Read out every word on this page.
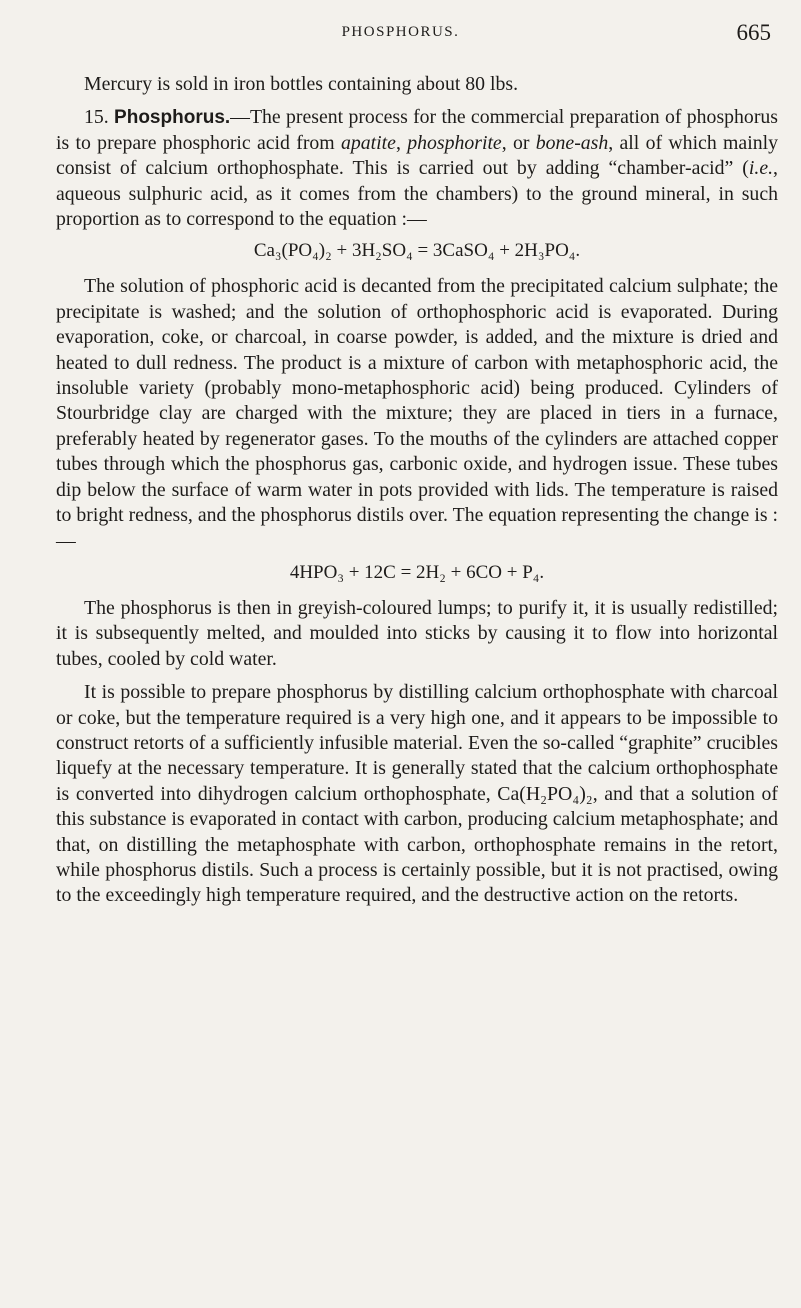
PHOSPHORUS.	665

Mercury is sold in iron bottles containing about 80 lbs.

15. Phosphorus.—The present process for the commercial preparation of phosphorus is to prepare phosphoric acid from apatite, phosphorite, or bone-ash, all of which mainly consist of calcium orthophosphate. This is carried out by adding “chamber-acid” (i.e., aqueous sulphuric acid, as it comes from the chambers) to the ground mineral, in such proportion as to correspond to the equation :—

Ca₃(PO₄)₂ + 3H₂SO₄ = 3CaSO₄ + 2H₃PO₄.

The solution of phosphoric acid is decanted from the precipitated calcium sulphate; the precipitate is washed; and the solution of orthophosphoric acid is evaporated. During evaporation, coke, or charcoal, in coarse powder, is added, and the mixture is dried and heated to dull redness. The product is a mixture of carbon with metaphosphoric acid, the insoluble variety (probably mono-metaphosphoric acid) being produced. Cylinders of Stourbridge clay are charged with the mixture; they are placed in tiers in a furnace, preferably heated by regenerator gases. To the mouths of the cylinders are attached copper tubes through which the phosphorus gas, carbonic oxide, and hydrogen issue. These tubes dip below the surface of warm water in pots provided with lids. The temperature is raised to bright redness, and the phosphorus distils over. The equation representing the change is :—

4HPO₃ + 12C = 2H₂ + 6CO + P₄.

The phosphorus is then in greyish-coloured lumps; to purify it, it is usually redistilled; it is subsequently melted, and moulded into sticks by causing it to flow into horizontal tubes, cooled by cold water.

It is possible to prepare phosphorus by distilling calcium orthophosphate with charcoal or coke, but the temperature required is a very high one, and it appears to be impossible to construct retorts of a sufficiently infusible material. Even the so-called “graphite” crucibles liquefy at the necessary temperature. It is generally stated that the calcium orthophosphate is converted into dihydrogen calcium orthophosphate, Ca(H₂PO₄)₂, and that a solution of this substance is evaporated in contact with carbon, producing calcium metaphosphate; and that, on distilling the metaphosphate with carbon, orthophosphate remains in the retort, while phosphorus distils. Such a process is certainly possible, but it is not practised, owing to the exceedingly high temperature required, and the destructive action on the retorts.
